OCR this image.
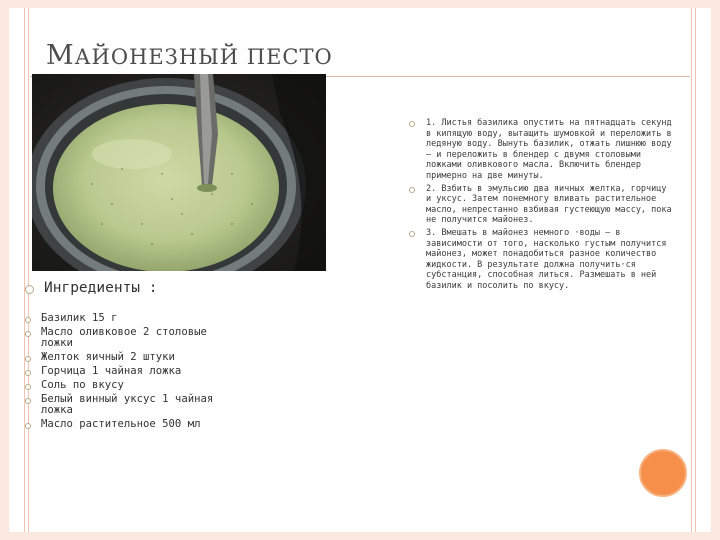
МАЙОНЕЗНЫЙ ПЕСТО
Ингредиенты :
Базилик 15 г
Масло оливковое 2 столовые ложки
Желток яичный 2 штуки
Горчица 1 чайная ложка
Соль по вкусу
Белый винный уксус 1 чайная ложка
Масло растительное 500 мл
1. Листья базилика опустить на пятнадцать секунд в кипящую воду, вытащить шумовкой и переложить в ледяную воду. Вынуть базилик, отжать лишнюю воду — и переложить в блендер с двумя столовыми ложками оливкового масла. Включить блендер примерно на две минуты.
2. Взбить в эмульсию два яичных желтка, горчицу и уксус. Затем понемногу вливать растительное масло, непрестанно взбивая густеющую массу, пока не получится майонез.
3. Вмешать в майонез немного ·воды — в зависимости от того, насколько густым получится майонез, может понадобиться разное количество жидкости. В результате должна получить·ся субстанция, способная литься. Размешать в ней базилик и посолить по вкусу.
